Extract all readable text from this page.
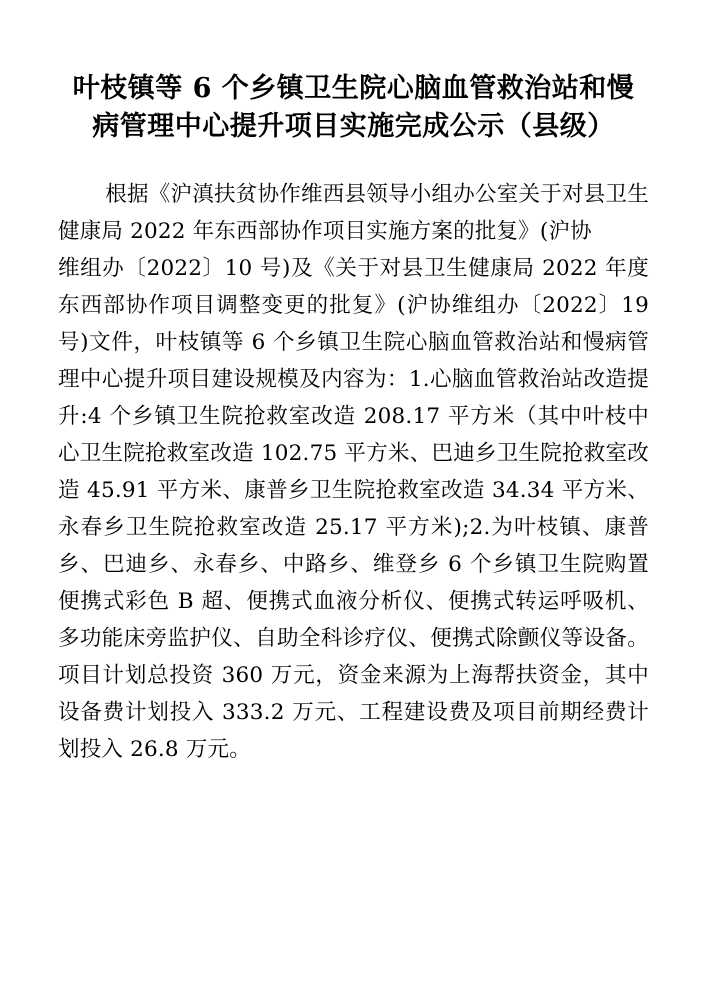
叶枝镇等 6 个乡镇卫生院心脑血管救治站和慢病管理中心提升项目实施完成公示（县级）

根据《沪滇扶贫协作维西县领导小组办公室关于对县卫生健康局 2022 年东西部协作项目实施方案的批复》(沪协

维组办〔2022〕10 号)及《关于对县卫生健康局 2022 年度东西部协作项目调整变更的批复》(沪协维组办〔2022〕19 号)文件，叶枝镇等 6 个乡镇卫生院心脑血管救治站和慢病管理中心提升项目建设规模及内容为：1.心脑血管救治站改造提升:4 个乡镇卫生院抢救室改造 208.17 平方米（其中叶枝中心卫生院抢救室改造 102.75 平方米、巴迪乡卫生院抢救室改造 45.91 平方米、康普乡卫生院抢救室改造 34.34 平方米、永春乡卫生院抢救室改造 25.17 平方米);2.为叶枝镇、康普乡、巴迪乡、永春乡、中路乡、维登乡 6 个乡镇卫生院购置便携式彩色 B 超、便携式血液分析仪、便携式转运呼吸机、多功能床旁监护仪、自助全科诊疗仪、便携式除颤仪等设备。项目计划总投资 360 万元，资金来源为上海帮扶资金，其中设备费计划投入 333.2 万元、工程建设费及项目前期经费计划投入 26.8 万元。
